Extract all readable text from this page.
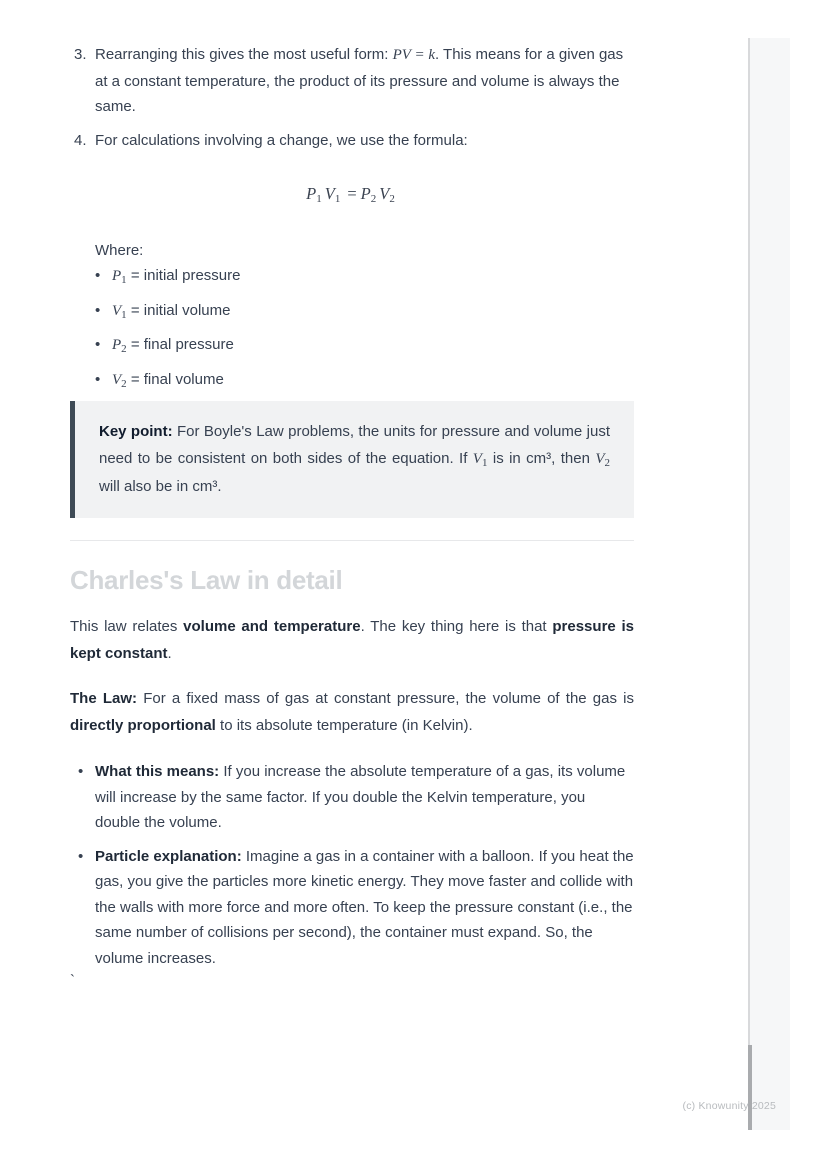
3. Rearranging this gives the most useful form: PV = k. This means for a given gas at a constant temperature, the product of its pressure and volume is always the same.
4. For calculations involving a change, we use the formula:
$P_1$ $V_1 = P_2$ $V_2$
Where:
• $P_1$ = initial pressure
• $V_1$ = initial volume
• $P_2$ = final pressure
• $V_2$ = final volume
Key point: For Boyle's Law problems, the units for pressure and volume just need to be consistent on both sides of the equation. If $V_1$ is in cm³, then $V_2$ will also be in cm³.
Charles's Law in detail

This law relates volume and temperature. The key thing here is that pressure is kept constant.

The Law: For a fixed mass of gas at constant pressure, the volume of the gas is directly proportional to its absolute temperature (in Kelvin).

• What this means: If you increase the absolute temperature of a gas, its volume will increase by the same factor. If you double the Kelvin temperature, you double the volume.
• Particle explanation: Imagine a gas in a container with a balloon. If you heat the gas, you give the particles more kinetic energy. They move faster and collide with the walls with more force and more often. To keep the pressure constant (i.e., the same number of collisions per second), the container must expand. So, the volume increases.
`
(c) Knowunity 2025
